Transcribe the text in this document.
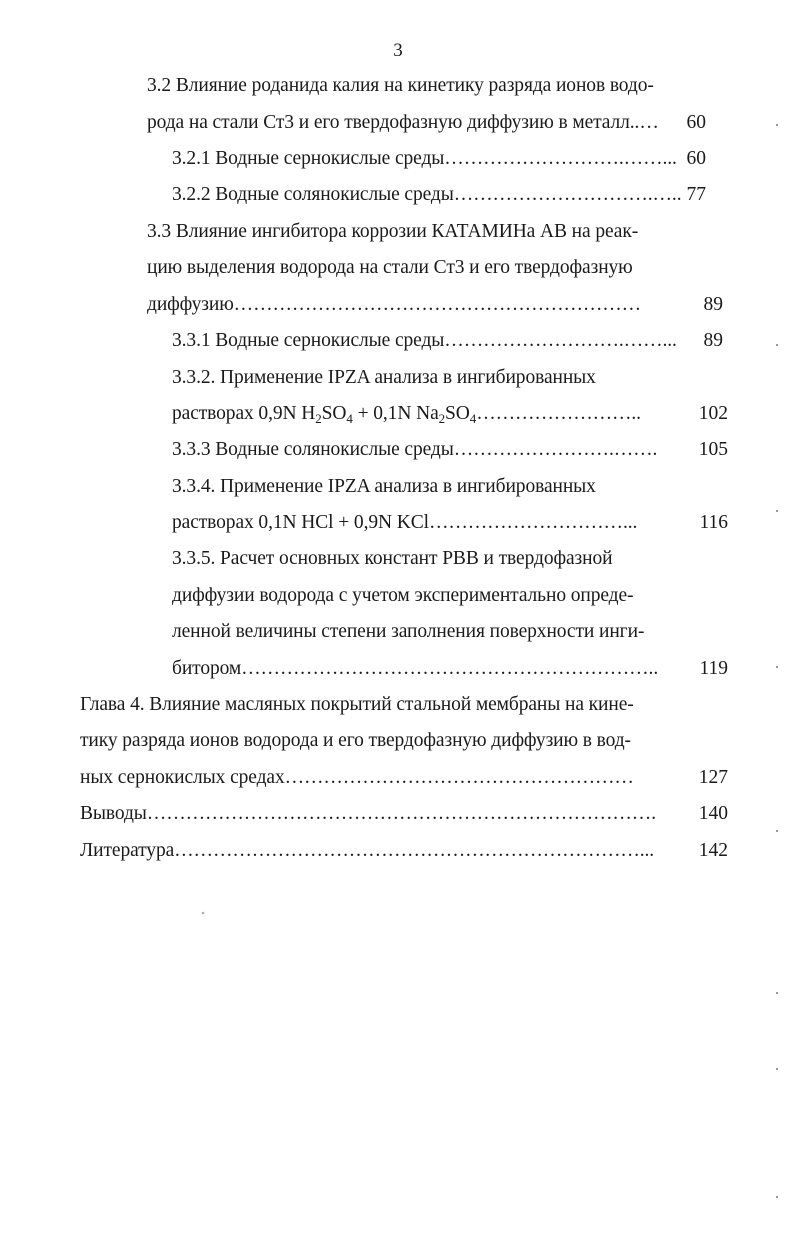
3
3.2 Влияние роданида калия на кинетику разряда ионов водо-
рода на стали Ст3 и его твердофазную диффузию в металл..…	60
3.2.1 Водные сернокислые среды……………………….……... 60
3.2.2 Водные солянокислые среды………………………….….. 77
3.3 Влияние ингибитора коррозии КАТАМИНа АВ на реак-
цию выделения водорода на стали Ст3 и его твердофазную
диффузию………………………………………………………	89
3.3.1 Водные сернокислые среды……………………….……...	89
3.3.2. Применение IPZA анализа в ингибированных
растворах 0,9N $H_2SO_4 + 0,1N$ $Na_2SO_4\dots\dots\dots\dots\dots\dots\dots\dots$..	102
3.3.3 Водные солянокислые среды…………………….…….	105
3.3.4. Применение IPZA анализа в ингибированных
растворах 0,1N HCl + 0,9N KCl…………………………...	116
3.3.5. Расчет основных констант РВВ и твердофазной
диффузии водорода с учетом экспериментально опреде-
ленной величины степени заполнения поверхности инги-
битором………………………………………………………..	119
Глава 4. Влияние масляных покрытий стальной мембраны на кине-
тику разряда ионов водорода и его твердофазную диффузию в вод-
ных сернокислых средах………………………………………………	127
Выводы…………………………………………………………………….	140
Литература………………………………………………………………...	142
